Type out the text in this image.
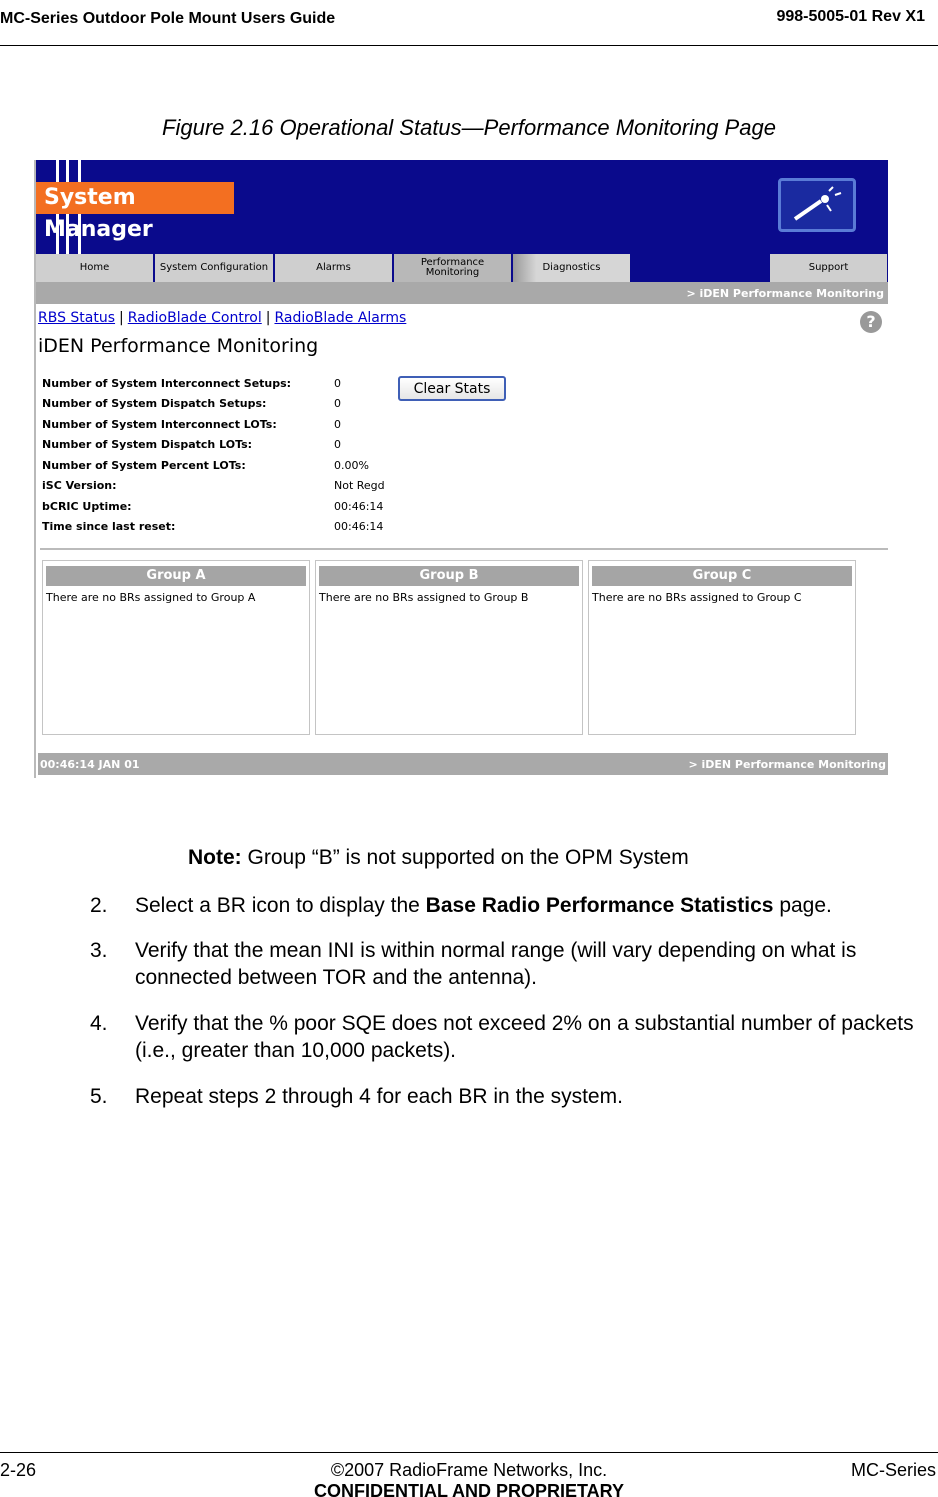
MC-Series Outdoor Pole Mount Users Guide	998-5005-01 Rev X1
Figure 2.16 Operational Status—Performance Monitoring Page
System Manager
Home	System Configuration	Alarms	Performance Monitoring	Diagnostics	Support
> iDEN Performance Monitoring
RBS Status | RadioBlade Control | RadioBlade Alarms	?
iDEN Performance Monitoring
Number of System Interconnect Setups:	0
Number of System Dispatch Setups:	0
Number of System Interconnect LOTs:	0
Number of System Dispatch LOTs:	0
Number of System Percent LOTs:	0.00%
iSC Version:	Not Regd
bCRIC Uptime:	00:46:14
Time since last reset:	00:46:14
Clear Stats
Group A
There are no BRs assigned to Group A
Group B
There are no BRs assigned to Group B
Group C
There are no BRs assigned to Group C
00:46:14 JAN 01	> iDEN Performance Monitoring
Note: Group “B” is not supported on the OPM System
2. Select a BR icon to display the Base Radio Performance Statistics page.
3. Verify that the mean INI is within normal range (will vary depending on what is connected between TOR and the antenna).
4. Verify that the % poor SQE does not exceed 2% on a substantial number of packets (i.e., greater than 10,000 packets).
5. Repeat steps 2 through 4 for each BR in the system.
2-26	©2007 RadioFrame Networks, Inc.
CONFIDENTIAL AND PROPRIETARY
MC-Series
